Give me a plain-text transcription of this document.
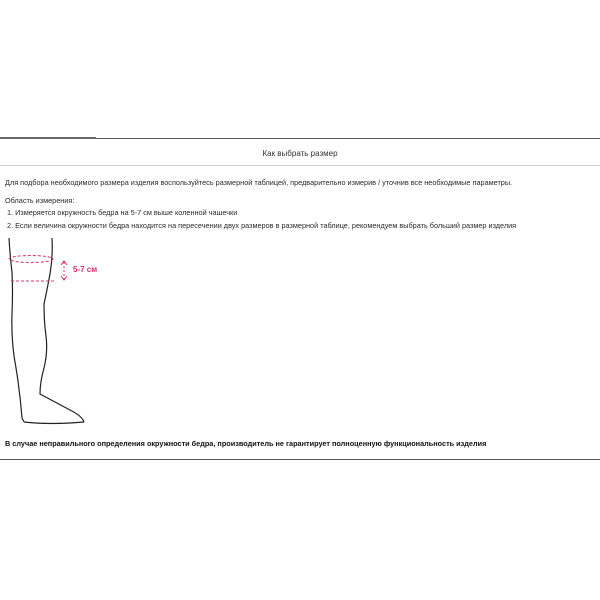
Как выбрать размер
Для подбора необходимого размера изделия воспользуйтесь размерной таблицей, предварительно измерив / уточнив все необходимые параметры.
Область измерения:
1. Измеряется окружность бедра на 5-7 см выше коленной чашечки
2. Если величина окружности бедра находится на пересечении двух размеров в размерной таблице, рекомендуем выбрать больший размер изделия
5-7 см
В случае неправильного определения окружности бедра, производитель не гарантирует полноценную функциональность изделия
